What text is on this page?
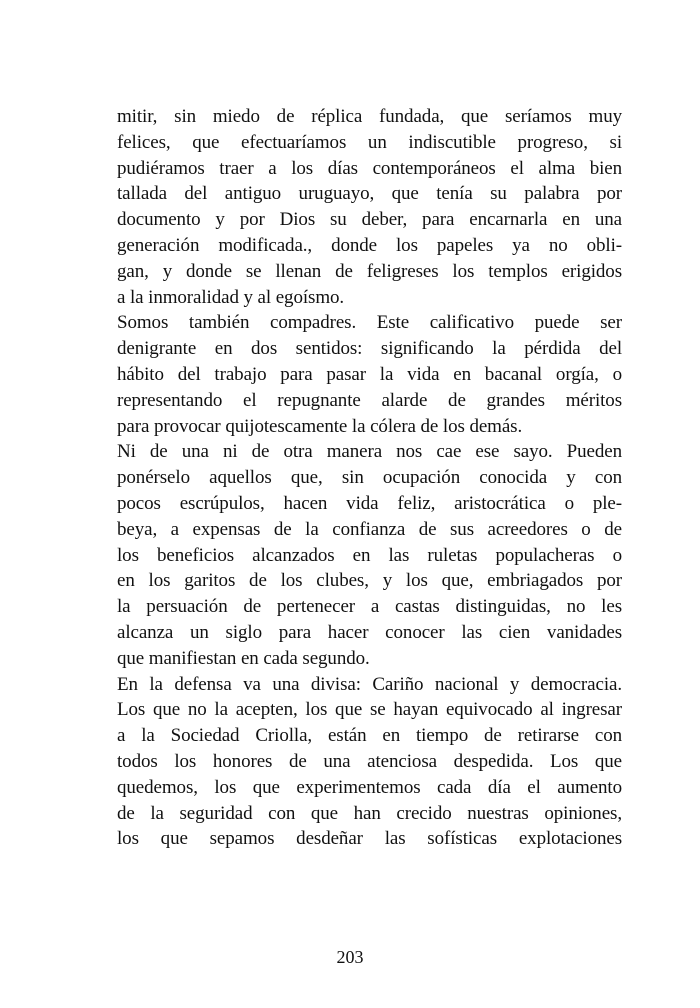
mitir, sin miedo de réplica fundada, que seríamos muy
felices, que efectuaríamos un indiscutible progreso, si
pudiéramos traer a los días contemporáneos el alma bien
tallada del antiguo uruguayo, que tenía su palabra por
documento y por Dios su deber, para encarnarla en una
generación modificada., donde los papeles ya no obli-
gan, y donde se llenan de feligreses los templos erigidos
a la inmoralidad y al egoísmo.
Somos también compadres. Este calificativo puede ser
denigrante en dos sentidos: significando la pérdida del
hábito del trabajo para pasar la vida en bacanal orgía, o
representando el repugnante alarde de grandes méritos
para provocar quijotescamente la cólera de los demás.
Ni de una ni de otra manera nos cae ese sayo. Pueden
ponérselo aquellos que, sin ocupación conocida y con
pocos escrúpulos, hacen vida feliz, aristocrática o ple-
beya, a expensas de la confianza de sus acreedores o de
los beneficios alcanzados en las ruletas populacheras o
en los garitos de los clubes, y los que, embriagados por
la persuación de pertenecer a castas distinguidas, no les
alcanza un siglo para hacer conocer las cien vanidades
que manifiestan en cada segundo.
En la defensa va una divisa: Cariño nacional y democracia.
Los que no la acepten, los que se hayan equivocado al ingresar
a la Sociedad Criolla, están en tiempo de retirarse con
todos los honores de una atenciosa despedida. Los que
quedemos, los que experimentemos cada día el aumento
de la seguridad con que han crecido nuestras opiniones,
los que sepamos desdeñar las sofísticas explotaciones
203
